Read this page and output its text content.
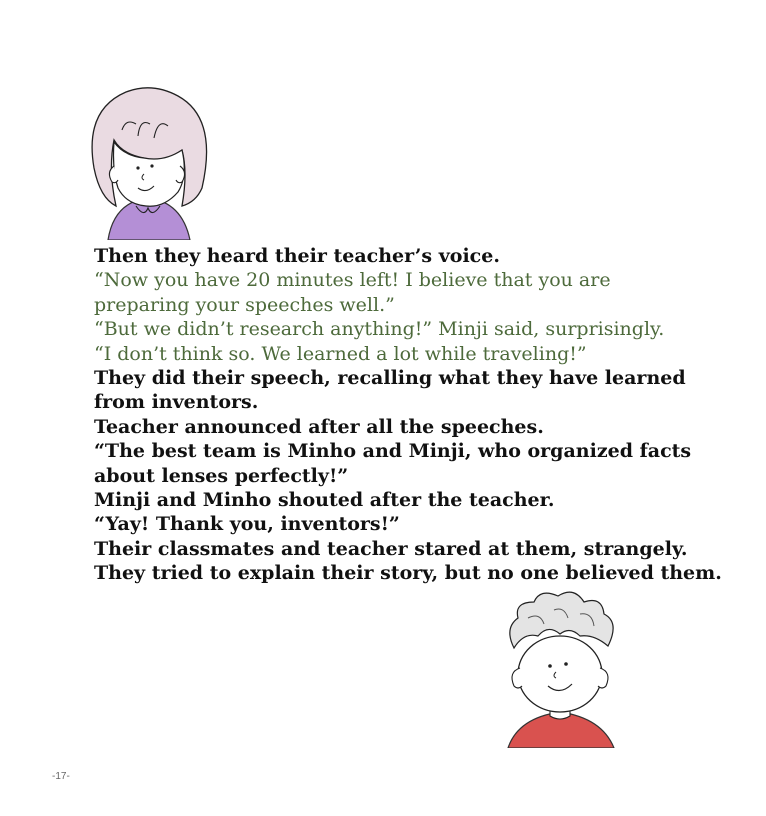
Then they heard their teacher’s voice.
“Now you have 20 minutes left! I believe that you are
preparing your speeches well.”
“But we didn’t research anything!” Minji said, surprisingly.
“I don’t think so. We learned a lot while traveling!”
They did their speech, recalling what they have learned
from inventors.
Teacher announced after all the speeches.
“The best team is Minho and Minji, who organized facts
about lenses perfectly!”
Minji and Minho shouted after the teacher.
“Yay! Thank you, inventors!”
Their classmates and teacher stared at them, strangely.
They tried to explain their story, but no one believed them.
-17-
